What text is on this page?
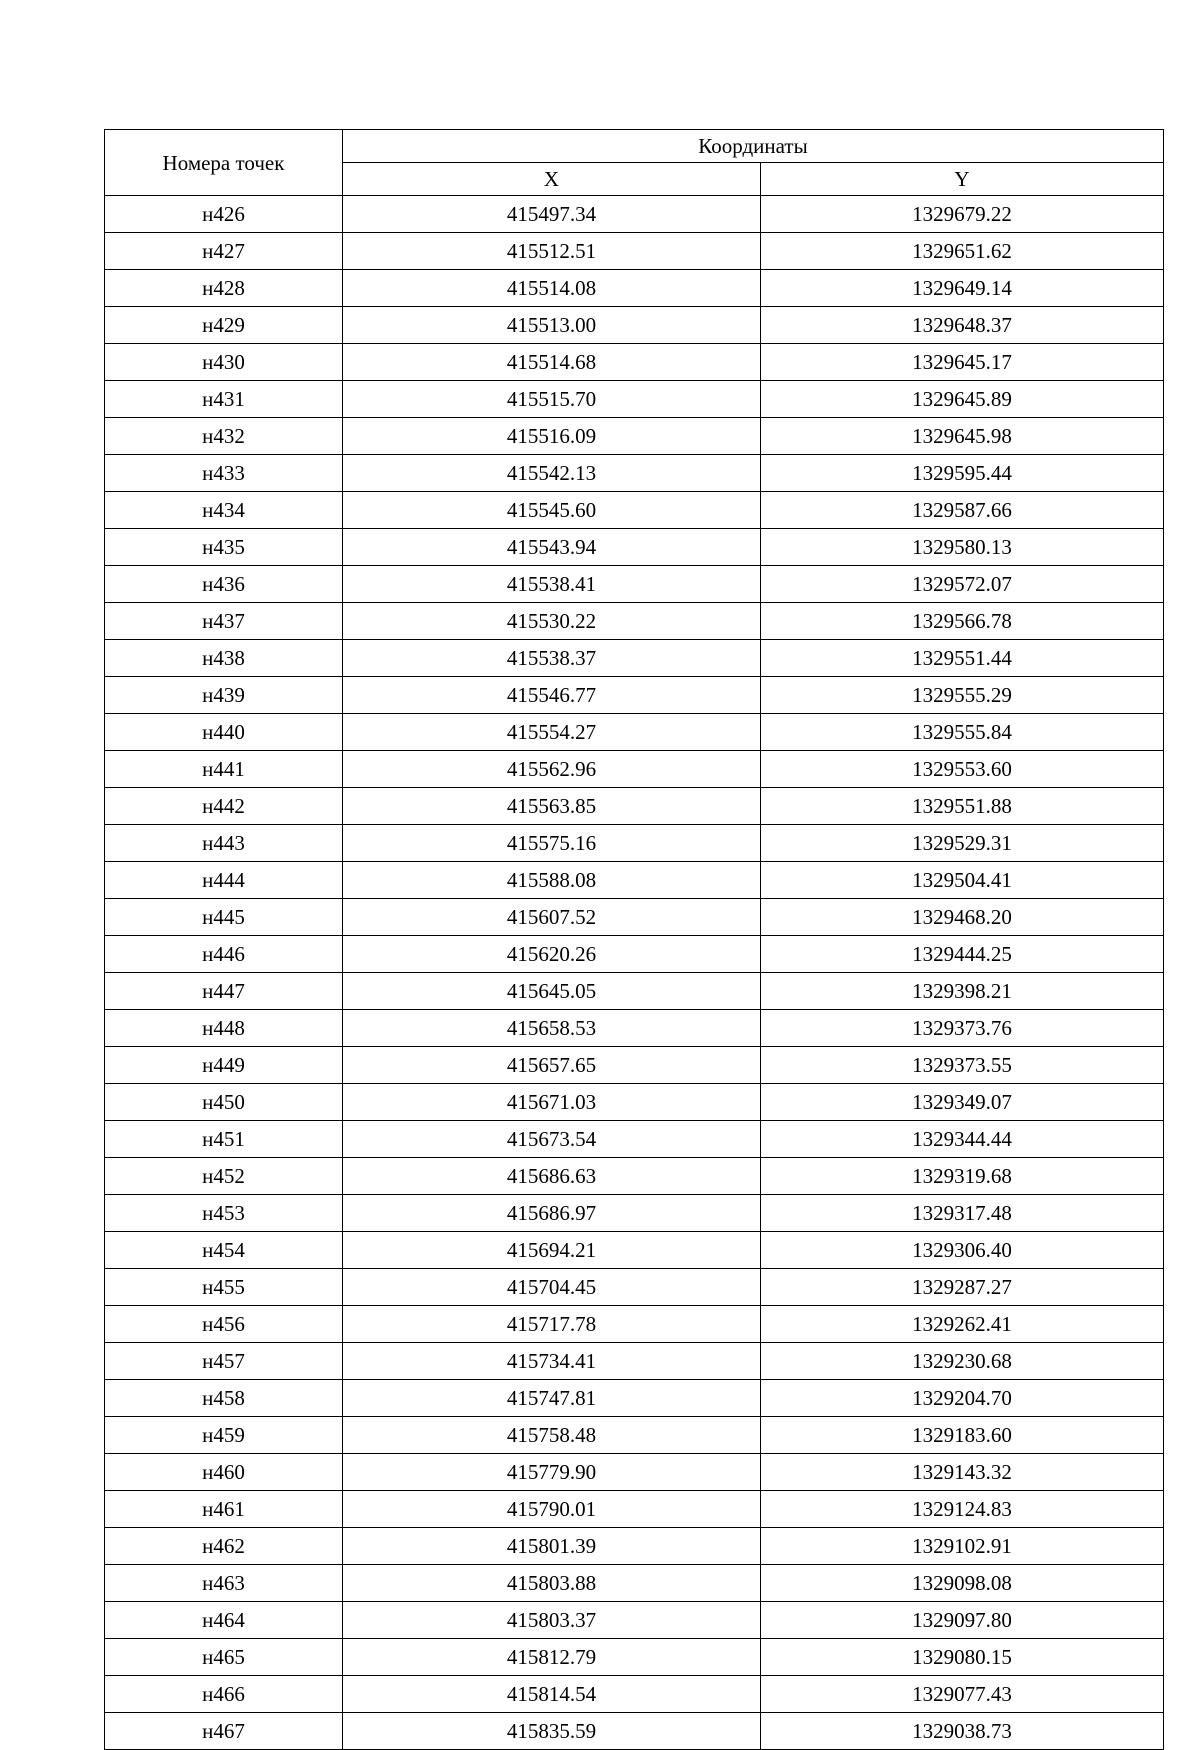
Номера точек	Координаты	
	X	Y
н426	415497.34	1329679.22
н427	415512.51	1329651.62
н428	415514.08	1329649.14
н429	415513.00	1329648.37
н430	415514.68	1329645.17
н431	415515.70	1329645.89
н432	415516.09	1329645.98
н433	415542.13	1329595.44
н434	415545.60	1329587.66
н435	415543.94	1329580.13
н436	415538.41	1329572.07
н437	415530.22	1329566.78
н438	415538.37	1329551.44
н439	415546.77	1329555.29
н440	415554.27	1329555.84
н441	415562.96	1329553.60
н442	415563.85	1329551.88
н443	415575.16	1329529.31
н444	415588.08	1329504.41
н445	415607.52	1329468.20
н446	415620.26	1329444.25
н447	415645.05	1329398.21
н448	415658.53	1329373.76
н449	415657.65	1329373.55
н450	415671.03	1329349.07
н451	415673.54	1329344.44
н452	415686.63	1329319.68
н453	415686.97	1329317.48
н454	415694.21	1329306.40
н455	415704.45	1329287.27
н456	415717.78	1329262.41
н457	415734.41	1329230.68
н458	415747.81	1329204.70
н459	415758.48	1329183.60
н460	415779.90	1329143.32
н461	415790.01	1329124.83
н462	415801.39	1329102.91
н463	415803.88	1329098.08
н464	415803.37	1329097.80
н465	415812.79	1329080.15
н466	415814.54	1329077.43
н467	415835.59	1329038.73
